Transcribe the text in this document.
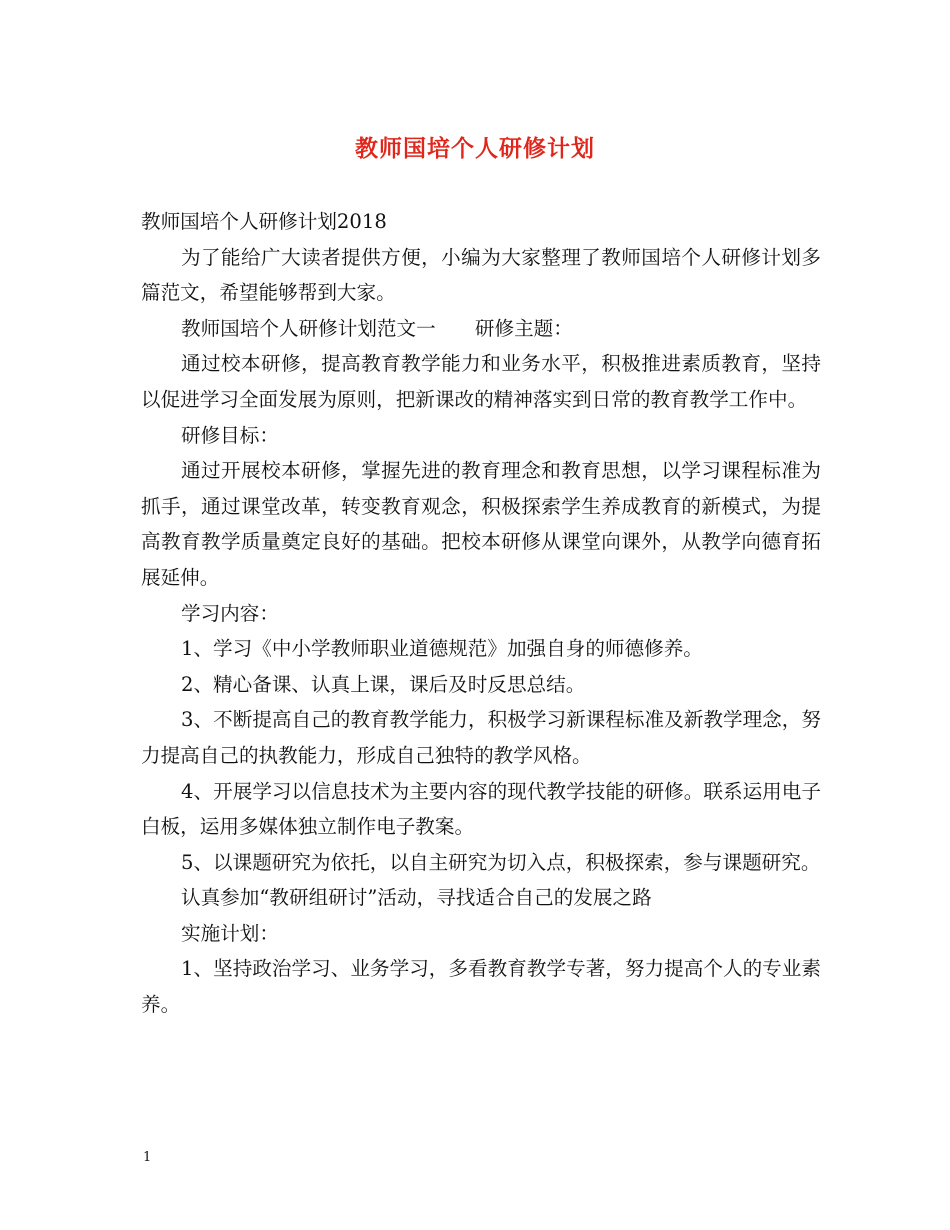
教师国培个人研修计划

教师国培个人研修计划2018

为了能给广大读者提供方便，小编为大家整理了教师国培个人研修计划多篇范文，希望能够帮到大家。

教师国培个人研修计划范文一　　研修主题：

通过校本研修，提高教育教学能力和业务水平，积极推进素质教育，坚持以促进学习全面发展为原则，把新课改的精神落实到日常的教育教学工作中。

研修目标：

通过开展校本研修，掌握先进的教育理念和教育思想，以学习课程标准为抓手，通过课堂改革，转变教育观念，积极探索学生养成教育的新模式，为提高教育教学质量奠定良好的基础。把校本研修从课堂向课外，从教学向德育拓展延伸。

学习内容：

1、学习《中小学教师职业道德规范》加强自身的师德修养。

2、精心备课、认真上课，课后及时反思总结。

3、不断提高自己的教育教学能力，积极学习新课程标准及新教学理念，努力提高自己的执教能力，形成自己独特的教学风格。

4、开展学习以信息技术为主要内容的现代教学技能的研修。联系运用电子白板，运用多媒体独立制作电子教案。

5、以课题研究为依托，以自主研究为切入点，积极探索，参与课题研究。

认真参加“教研组研讨”活动，寻找适合自己的发展之路

实施计划：

1、坚持政治学习、业务学习，多看教育教学专著，努力提高个人的专业素养。

1
